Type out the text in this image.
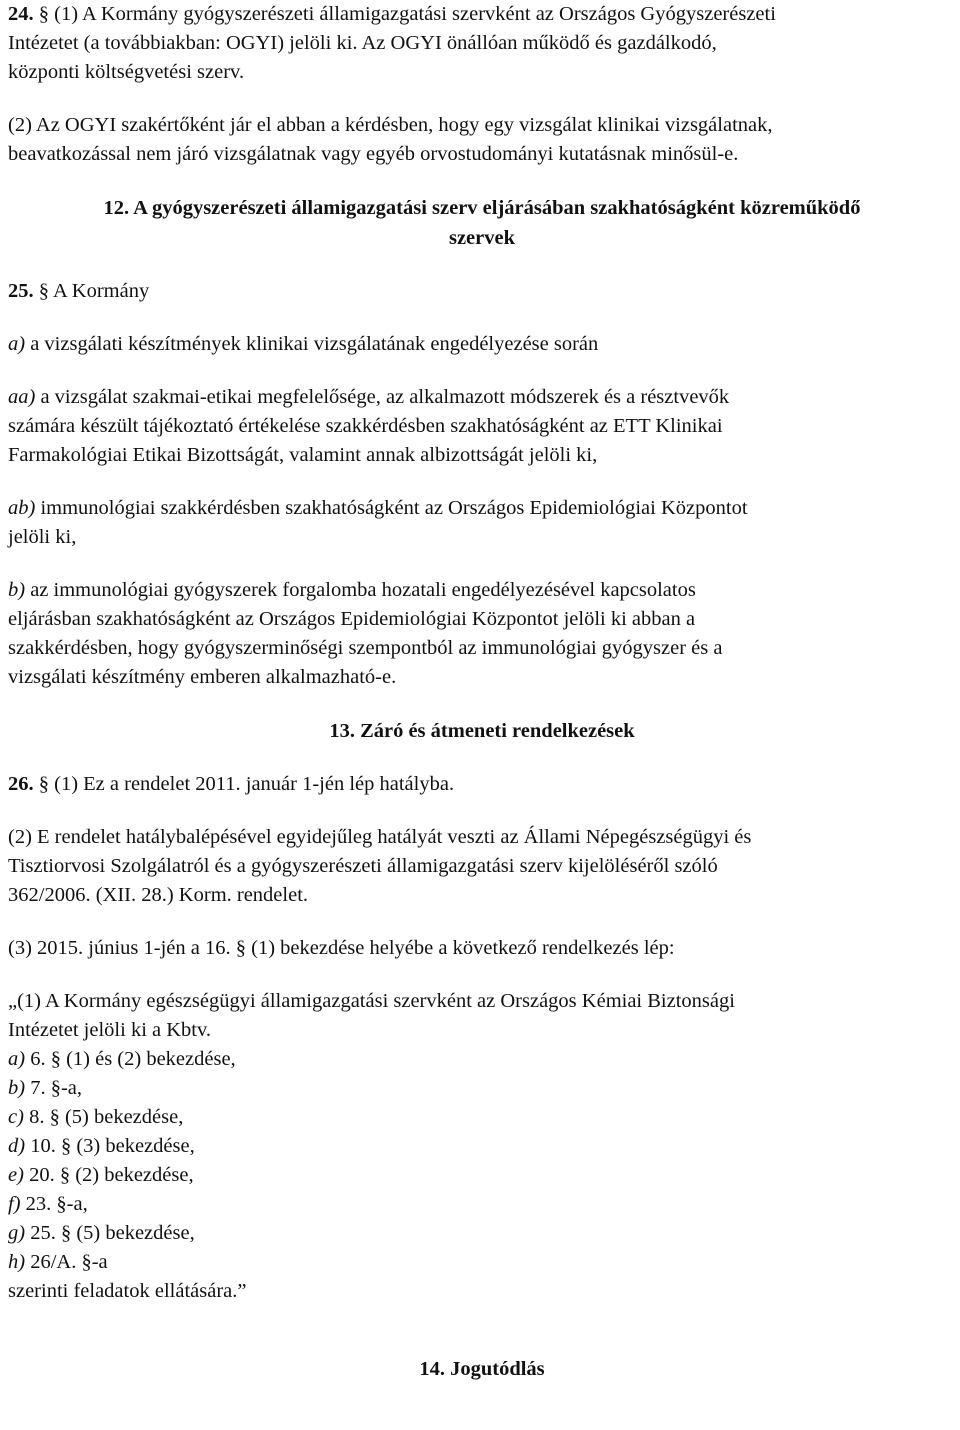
24. § (1) A Kormány gyógyszerészeti államigazgatási szervként az Országos Gyógyszerészeti
Intézetet (a továbbiakban: OGYI) jelöli ki. Az OGYI önállóan működő és gazdálkodó,
központi költségvetési szerv.

(2) Az OGYI szakértőként jár el abban a kérdésben, hogy egy vizsgálat klinikai vizsgálatnak,
beavatkozással nem járó vizsgálatnak vagy egyéb orvostudományi kutatásnak minősül-e.

12. A gyógyszerészeti államigazgatási szerv eljárásában szakhatóságként közreműködő
szervek

25. § A Kormány

a) a vizsgálati készítmények klinikai vizsgálatának engedélyezése során

aa) a vizsgálat szakmai-etikai megfelelősége, az alkalmazott módszerek és a résztvevők
számára készült tájékoztató értékelése szakkérdésben szakhatóságként az ETT Klinikai
Farmakológiai Etikai Bizottságát, valamint annak albizottságát jelöli ki,

ab) immunológiai szakkérdésben szakhatóságként az Országos Epidemiológiai Központot
jelöli ki,

b) az immunológiai gyógyszerek forgalomba hozatali engedélyezésével kapcsolatos
eljárásban szakhatóságként az Országos Epidemiológiai Központot jelöli ki abban a
szakkérdésben, hogy gyógyszerminőségi szempontból az immunológiai gyógyszer és a
vizsgálati készítmény emberen alkalmazható-e.

13. Záró és átmeneti rendelkezések

26. § (1) Ez a rendelet 2011. január 1-jén lép hatályba.

(2) E rendelet hatálybalépésével egyidejűleg hatályát veszti az Állami Népegészségügyi és
Tisztiorvosi Szolgálatról és a gyógyszerészeti államigazgatási szerv kijelöléséről szóló
362/2006. (XII. 28.) Korm. rendelet.

(3) 2015. június 1-jén a 16. § (1) bekezdése helyébe a következő rendelkezés lép:

„(1) A Kormány egészségügyi államigazgatási szervként az Országos Kémiai Biztonsági
Intézetet jelöli ki a Kbtv.

a) 6. § (1) és (2) bekezdése,

b) 7. §-a,

c) 8. § (5) bekezdése,

d) 10. § (3) bekezdése,

e) 20. § (2) bekezdése,

f) 23. §-a,

g) 25. § (5) bekezdése,

h) 26/A. §-a

szerinti feladatok ellátására.”

14. Jogutódlás
